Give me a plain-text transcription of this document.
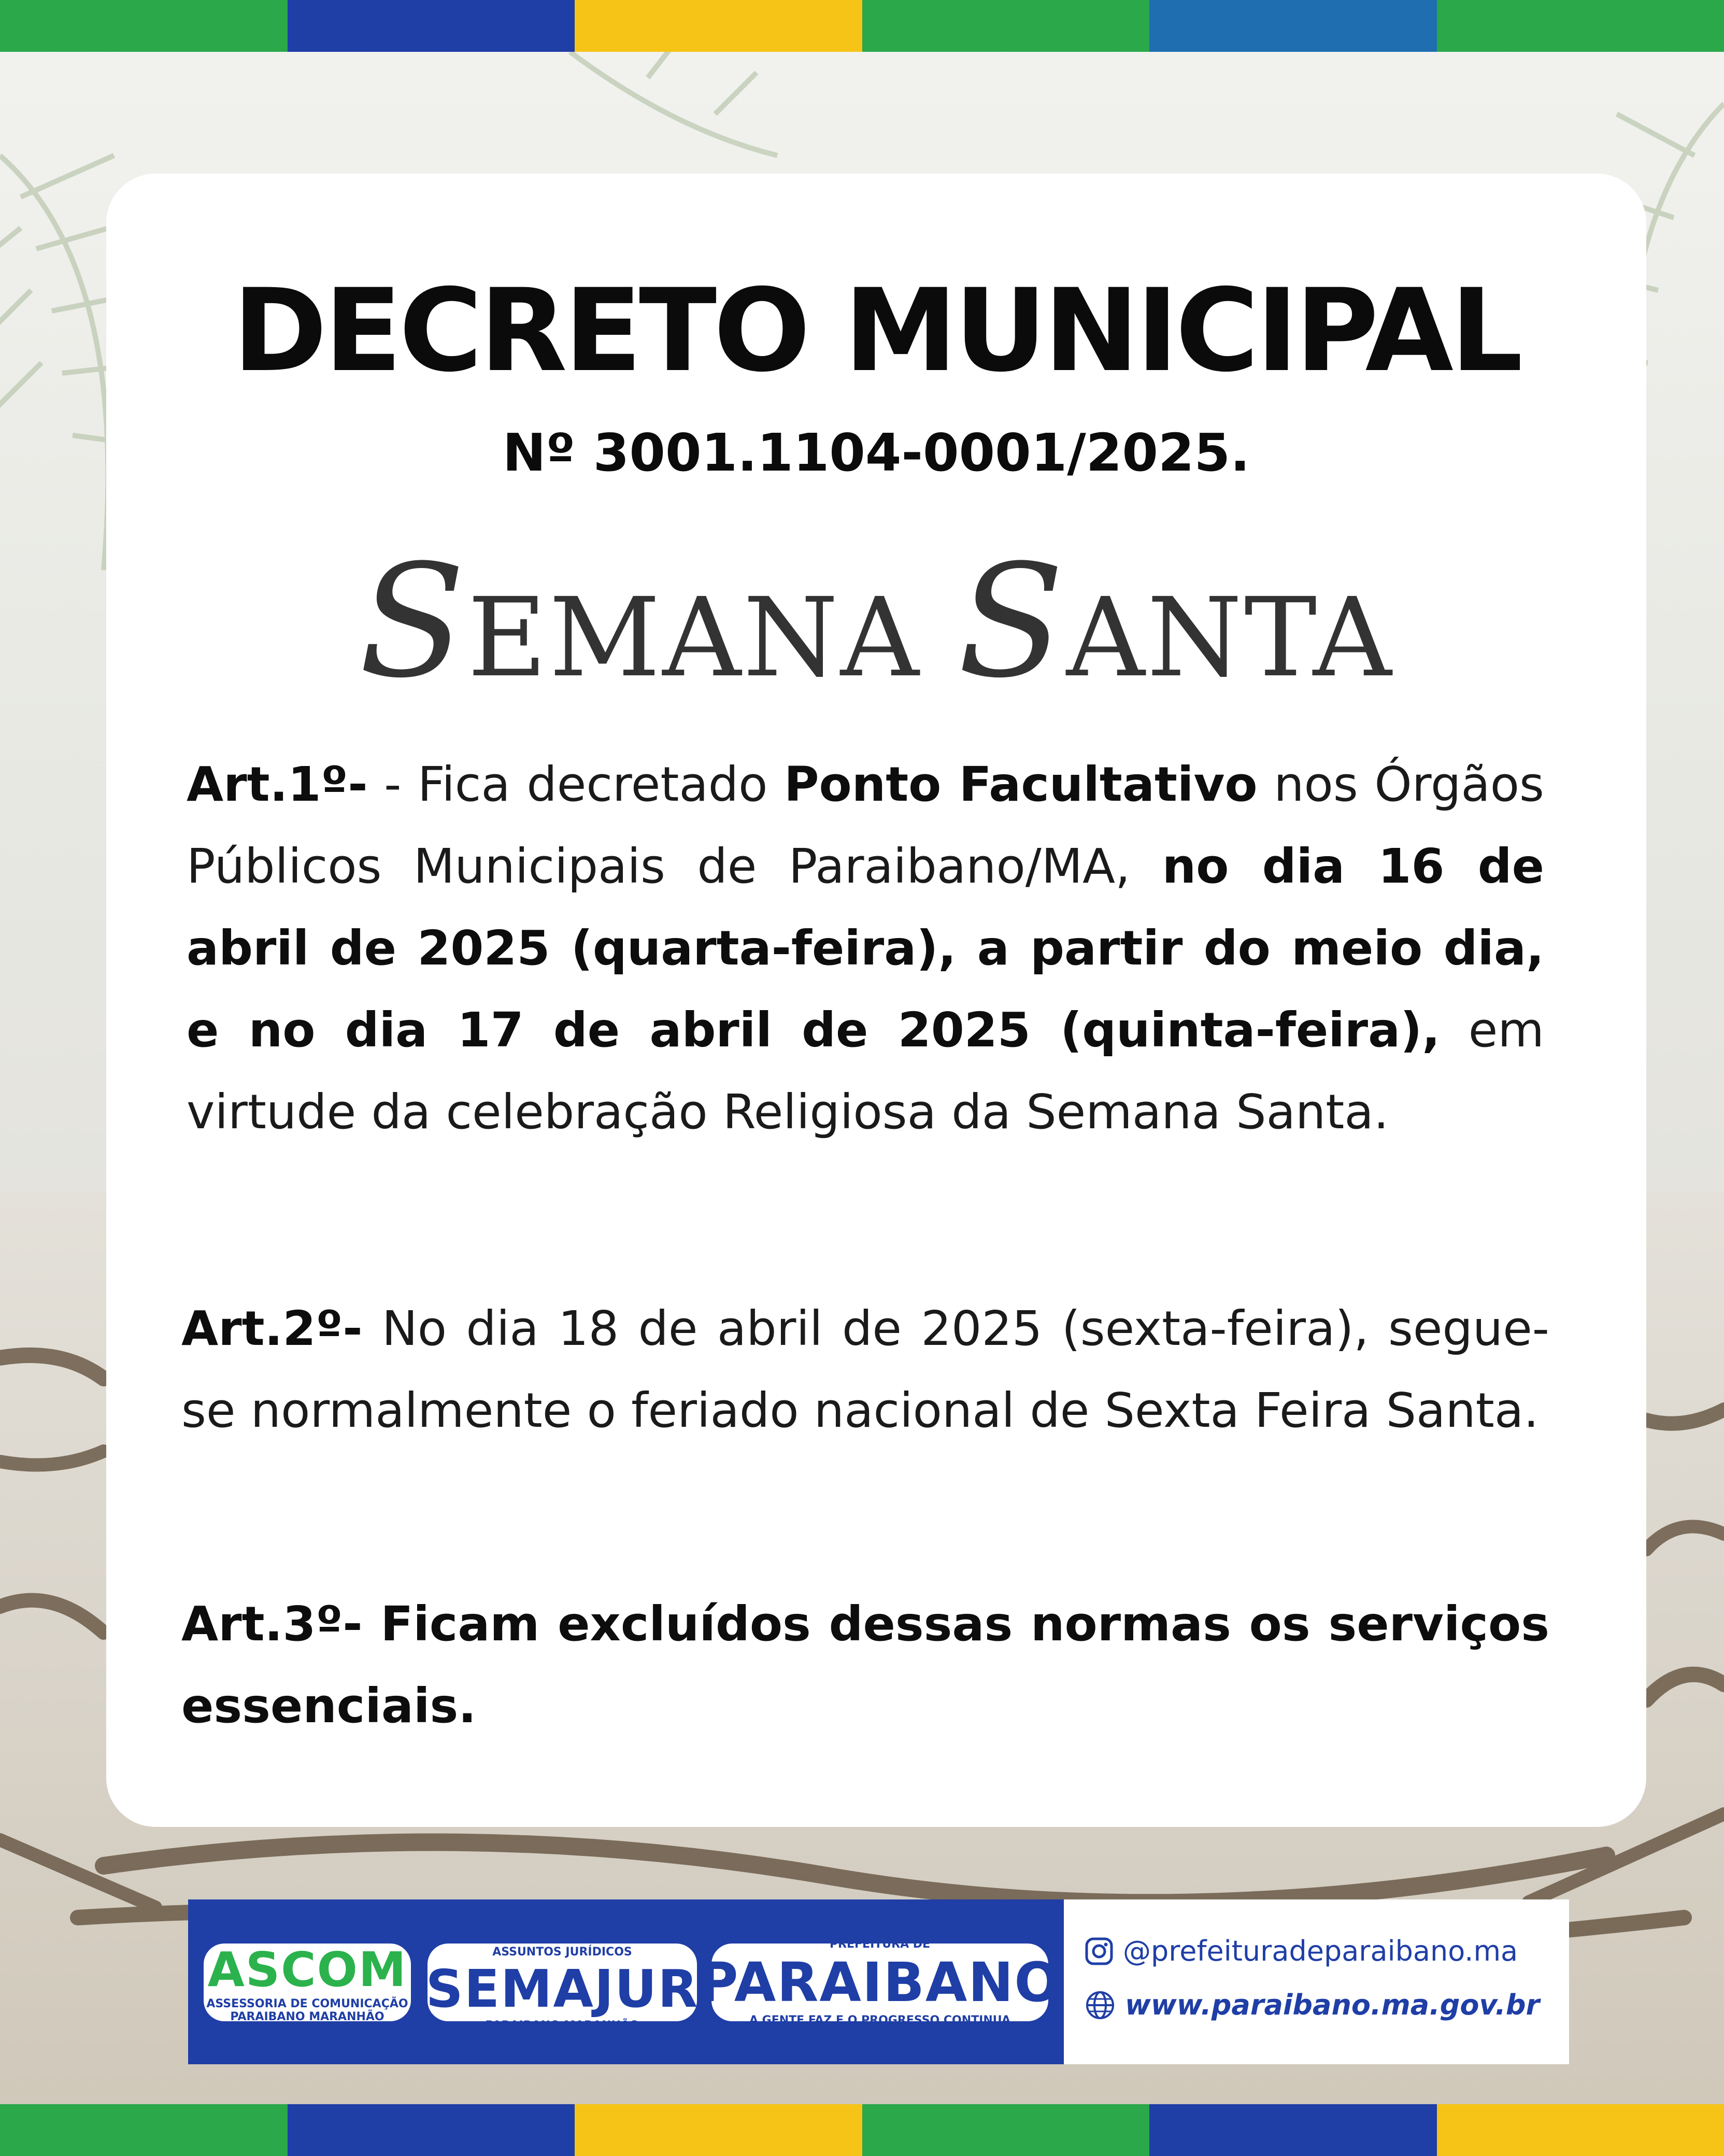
DECRETO MUNICIPAL
Nº 3001.1104-0001/2025.
SEMANA SANTA
Art.1º- - Fica decretado Ponto Facultativo nos Órgãos Públicos Municipais de Paraibano/MA, no dia 16 de abril de 2025 (quarta-feira), a partir do meio dia, e no dia 17 de abril de 2025 (quinta-feira), em virtude da celebração Religiosa da Semana Santa.
Art.2º- No dia 18 de abril de 2025 (sexta-feira), segue-se normalmente o feriado nacional de Sexta Feira Santa.
Art.3º- Ficam excluídos dessas normas os serviços essenciais.
ASCOM
ASSESSORIA DE COMUNICAÇÃO
PARAIBANO MARANHÃO
SECRETARIA MUNICIPAL DE
ASSUNTOS JURÍDICOS
SEMAJUR
PARAIBANO MARANHÃO
PREFEITURA DE
PARAIBANO
A GENTE FAZ E O PROGRESSO CONTINUA
@prefeituradeparaibano.ma
www.paraibano.ma.gov.br
